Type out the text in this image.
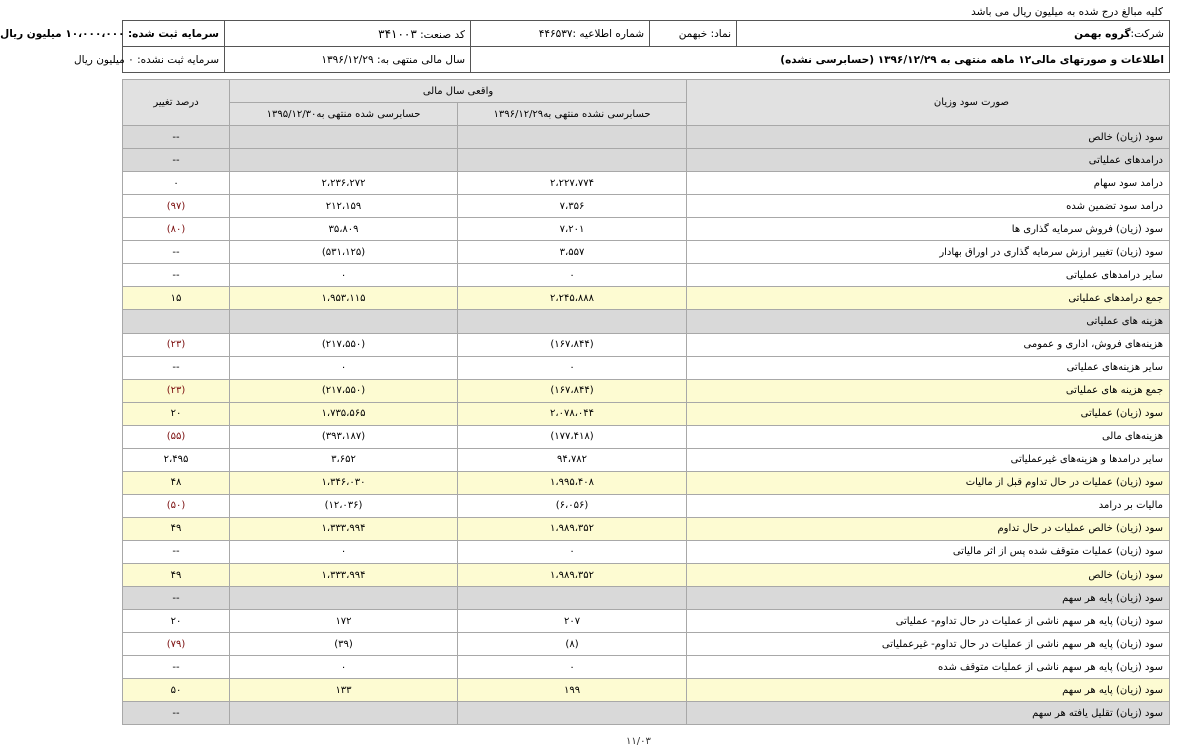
کلیه مبالغ درج شده به میلیون ریال می باشد
شرکت:گروه بهمن	نماد: خبهمن	شماره اطلاعیه :۴۴۶۵۳۷	کد صنعت: ۳۴۱۰۰۳	سرمایه ثبت شده: ۱۰،۰۰۰،۰۰۰ میلیون ریال
اطلاعات و صورتهای مالی۱۲ ماهه منتهی به ۱۳۹۶/۱۲/۲۹ (حسابرسی نشده)			سال مالی منتهی به: ۱۳۹۶/۱۲/۲۹	سرمایه ثبت نشده: ۰ میلیون ریال
صورت سود وزیان	واقعی سال مالی		درصد تغییر
	حسابرسی نشده منتهی به۱۳۹۶/۱۲/۲۹	حسابرسی شده منتهی به۱۳۹۵/۱۲/۳۰	
سود (زیان) خالص			--
درامدهای عملیاتی			--
درامد سود سهام	۲،۲۲۷،۷۷۴	۲،۲۳۶،۲۷۲	۰
درامد سود تضمین شده	۷،۳۵۶	۲۱۲،۱۵۹	(۹۷)
سود (زیان) فروش سرمایه گذاری ها	۷،۲۰۱	۳۵،۸۰۹	(۸۰)
سود (زیان) تغییر ارزش سرمایه گذاری در اوراق بهادار	۳،۵۵۷	(۵۳۱،۱۲۵)	--
سایر درامدهای عملیاتی	۰	۰	--
جمع درامدهای عملیاتی	۲،۲۴۵،۸۸۸	۱،۹۵۳،۱۱۵	۱۵
هزینه های عملیاتی			
هزینه‌های فروش، اداری و عمومی	(۱۶۷،۸۴۴)	(۲۱۷،۵۵۰)	(۲۳)
سایر هزینه‌های عملیاتی	۰	۰	--
جمع هزینه های عملیاتی	(۱۶۷،۸۴۴)	(۲۱۷،۵۵۰)	(۲۳)
سود (زیان) عملیاتی	۲،۰۷۸،۰۴۴	۱،۷۳۵،۵۶۵	۲۰
هزینه‌های مالی	(۱۷۷،۴۱۸)	(۳۹۳،۱۸۷)	(۵۵)
سایر درامدها و هزینه‌های غیرعملیاتی	۹۴،۷۸۲	۳،۶۵۲	۲،۴۹۵
سود (زیان) عملیات در حال تداوم قبل از مالیات	۱،۹۹۵،۴۰۸	۱،۳۴۶،۰۳۰	۴۸
مالیات بر درامد	(۶،۰۵۶)	(۱۲،۰۳۶)	(۵۰)
سود (زیان) خالص عملیات در حال تداوم	۱،۹۸۹،۳۵۲	۱،۳۳۳،۹۹۴	۴۹
سود (زیان) عملیات متوقف شده پس از اثر مالیاتی	۰	۰	--
سود (زیان) خالص	۱،۹۸۹،۳۵۲	۱،۳۳۳،۹۹۴	۴۹
سود (زیان) پایه هر سهم			--
سود (زیان) پایه هر سهم ناشی از عملیات در حال تداوم- عملیاتی	۲۰۷	۱۷۲	۲۰
سود (زیان) پایه هر سهم ناشی از عملیات در حال تداوم- غیرعملیاتی	(۸)	(۳۹)	(۷۹)
سود (زیان) پایه هر سهم ناشی از عملیات متوقف شده	۰	۰	--
سود (زیان) پایه هر سهم	۱۹۹	۱۳۳	۵۰
سود (زیان) تقلیل یافته هر سهم			--
۱۱/۰۳
